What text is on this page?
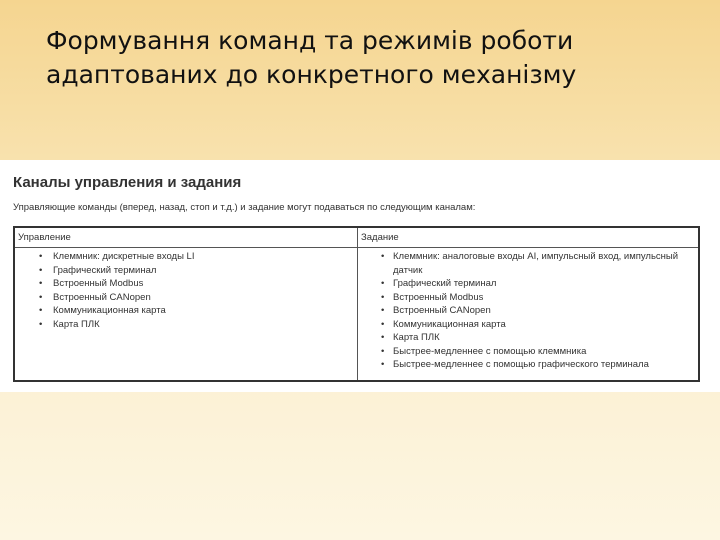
Формування команд та режимів роботи
адаптованих до конкретного механізму
Каналы управления и задания

Управляющие команды (вперед, назад, стоп и т.д.) и задание могут подаваться по следующим каналам:

Управление
• Клеммник: дискретные входы LI
• Графический терминал
• Встроенный Modbus
• Встроенный CANopen
• Коммуникационная карта
• Карта ПЛК
Задание
• Клеммник: аналоговые входы AI, импульсный вход, импульсный датчик
• Графический терминал
• Встроенный Modbus
• Встроенный CANopen
• Коммуникационная карта
• Карта ПЛК
• Быстрее-медленнее с помощью клеммника
• Быстрее-медленнее с помощью графического терминала
